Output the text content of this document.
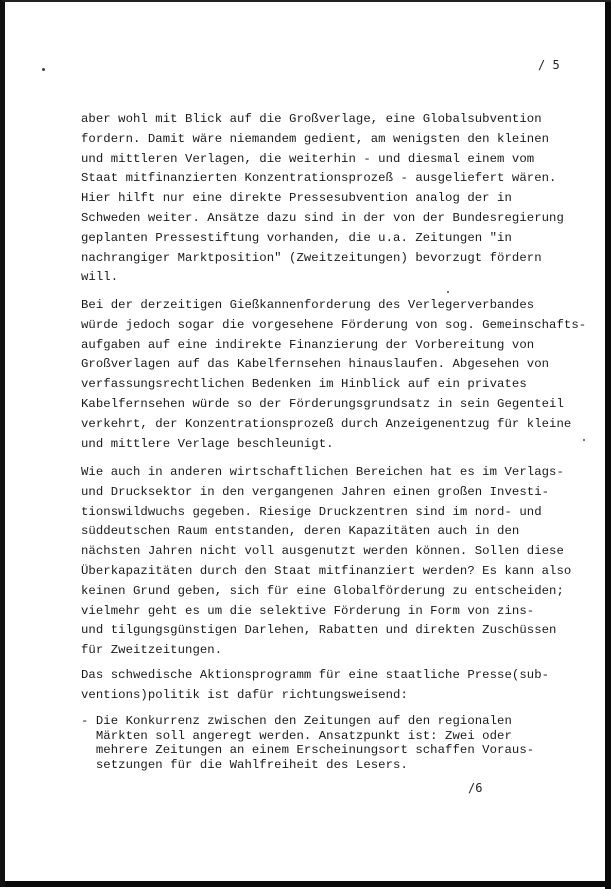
/ 5
aber wohl mit Blick auf die Großverlage, eine Globalsubvention
fordern. Damit wäre niemandem gedient, am wenigsten den kleinen
und mittleren Verlagen, die weiterhin - und diesmal einem vom
Staat mitfinanzierten Konzentrationsprozeß - ausgeliefert wären.
Hier hilft nur eine direkte Pressesubvention analog der in
Schweden weiter. Ansätze dazu sind in der von der Bundesregierung
geplanten Pressestiftung vorhanden, die u.a. Zeitungen "in
nachrangiger Marktposition" (Zweitzeitungen) bevorzugt fördern
will.
Bei der derzeitigen Gießkannenforderung des Verlegerverbandes
würde jedoch sogar die vorgesehene Förderung von sog. Gemeinschafts-
aufgaben auf eine indirekte Finanzierung der Vorbereitung von
Großverlagen auf das Kabelfernsehen hinauslaufen. Abgesehen von
verfassungsrechtlichen Bedenken im Hinblick auf ein privates
Kabelfernsehen würde so der Förderungsgrundsatz in sein Gegenteil
verkehrt, der Konzentrationsprozeß durch Anzeigenentzug für kleine
und mittlere Verlage beschleunigt.
Wie auch in anderen wirtschaftlichen Bereichen hat es im Verlags-
und Drucksektor in den vergangenen Jahren einen großen Investi-
tionswildwuchs gegeben. Riesige Druckzentren sind im nord- und
süddeutschen Raum entstanden, deren Kapazitäten auch in den
nächsten Jahren nicht voll ausgenutzt werden können. Sollen diese
Überkapazitäten durch den Staat mitfinanziert werden? Es kann also
keinen Grund geben, sich für eine Globalförderung zu entscheiden;
vielmehr geht es um die selektive Förderung in Form von zins-
und tilgungsgünstigen Darlehen, Rabatten und direkten Zuschüssen
für Zweitzeitungen.
Das schwedische Aktionsprogramm für eine staatliche Presse(sub-
ventions)politik ist dafür richtungsweisend:
- Die Konkurrenz zwischen den Zeitungen auf den regionalen
Märkten soll angeregt werden. Ansatzpunkt ist: Zwei oder
mehrere Zeitungen an einem Erscheinungsort schaffen Voraus-
setzungen für die Wahlfreiheit des Lesers.
/6
